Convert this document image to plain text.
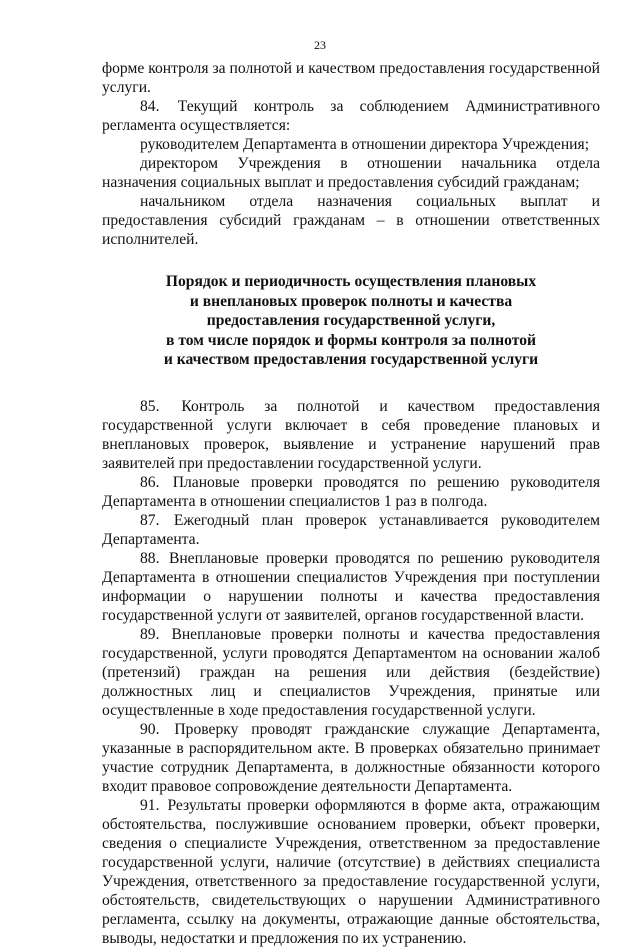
23

форме контроля за полнотой и качеством предоставления государственной услуги.

84. Текущий контроль за соблюдением Административного регламента осуществляется:

руководителем Департамента в отношении директора Учреждения;

директором Учреждения в отношении начальника отдела назначения социальных выплат и предоставления субсидий гражданам;

начальником отдела назначения социальных выплат и предоставления субсидий гражданам – в отношении ответственных исполнителей.

Порядок и периодичность осуществления плановых
и внеплановых проверок полноты и качества
предоставления государственной услуги,
в том числе порядок и формы контроля за полнотой
и качеством предоставления государственной услуги

85. Контроль за полнотой и качеством предоставления государственной услуги включает в себя проведение плановых и внеплановых проверок, выявление и устранение нарушений прав заявителей при предоставлении государственной услуги.

86. Плановые проверки проводятся по решению руководителя Департамента в отношении специалистов 1 раз в полгода.

87. Ежегодный план проверок устанавливается руководителем Департамента.

88. Внеплановые проверки проводятся по решению руководителя Департамента в отношении специалистов Учреждения при поступлении информации о нарушении полноты и качества предоставления государственной услуги от заявителей, органов государственной власти.

89. Внеплановые проверки полноты и качества предоставления государственной, услуги проводятся Департаментом на основании жалоб (претензий) граждан на решения или действия (бездействие) должностных лиц и специалистов Учреждения, принятые или осуществленные в ходе предоставления государственной услуги.

90. Проверку проводят гражданские служащие Департамента, указанные в распорядительном акте. В проверках обязательно принимает участие сотрудник Департамента, в должностные обязанности которого входит правовое сопровождение деятельности Департамента.

91. Результаты проверки оформляются в форме акта, отражающим обстоятельства, послужившие основанием проверки, объект проверки, сведения о специалисте Учреждения, ответственном за предоставление государственной услуги, наличие (отсутствие) в действиях специалиста Учреждения, ответственного за предоставление государственной услуги, обстоятельств, свидетельствующих о нарушении Административного регламента, ссылку на документы, отражающие данные обстоятельства, выводы, недостатки и предложения по их устранению.
